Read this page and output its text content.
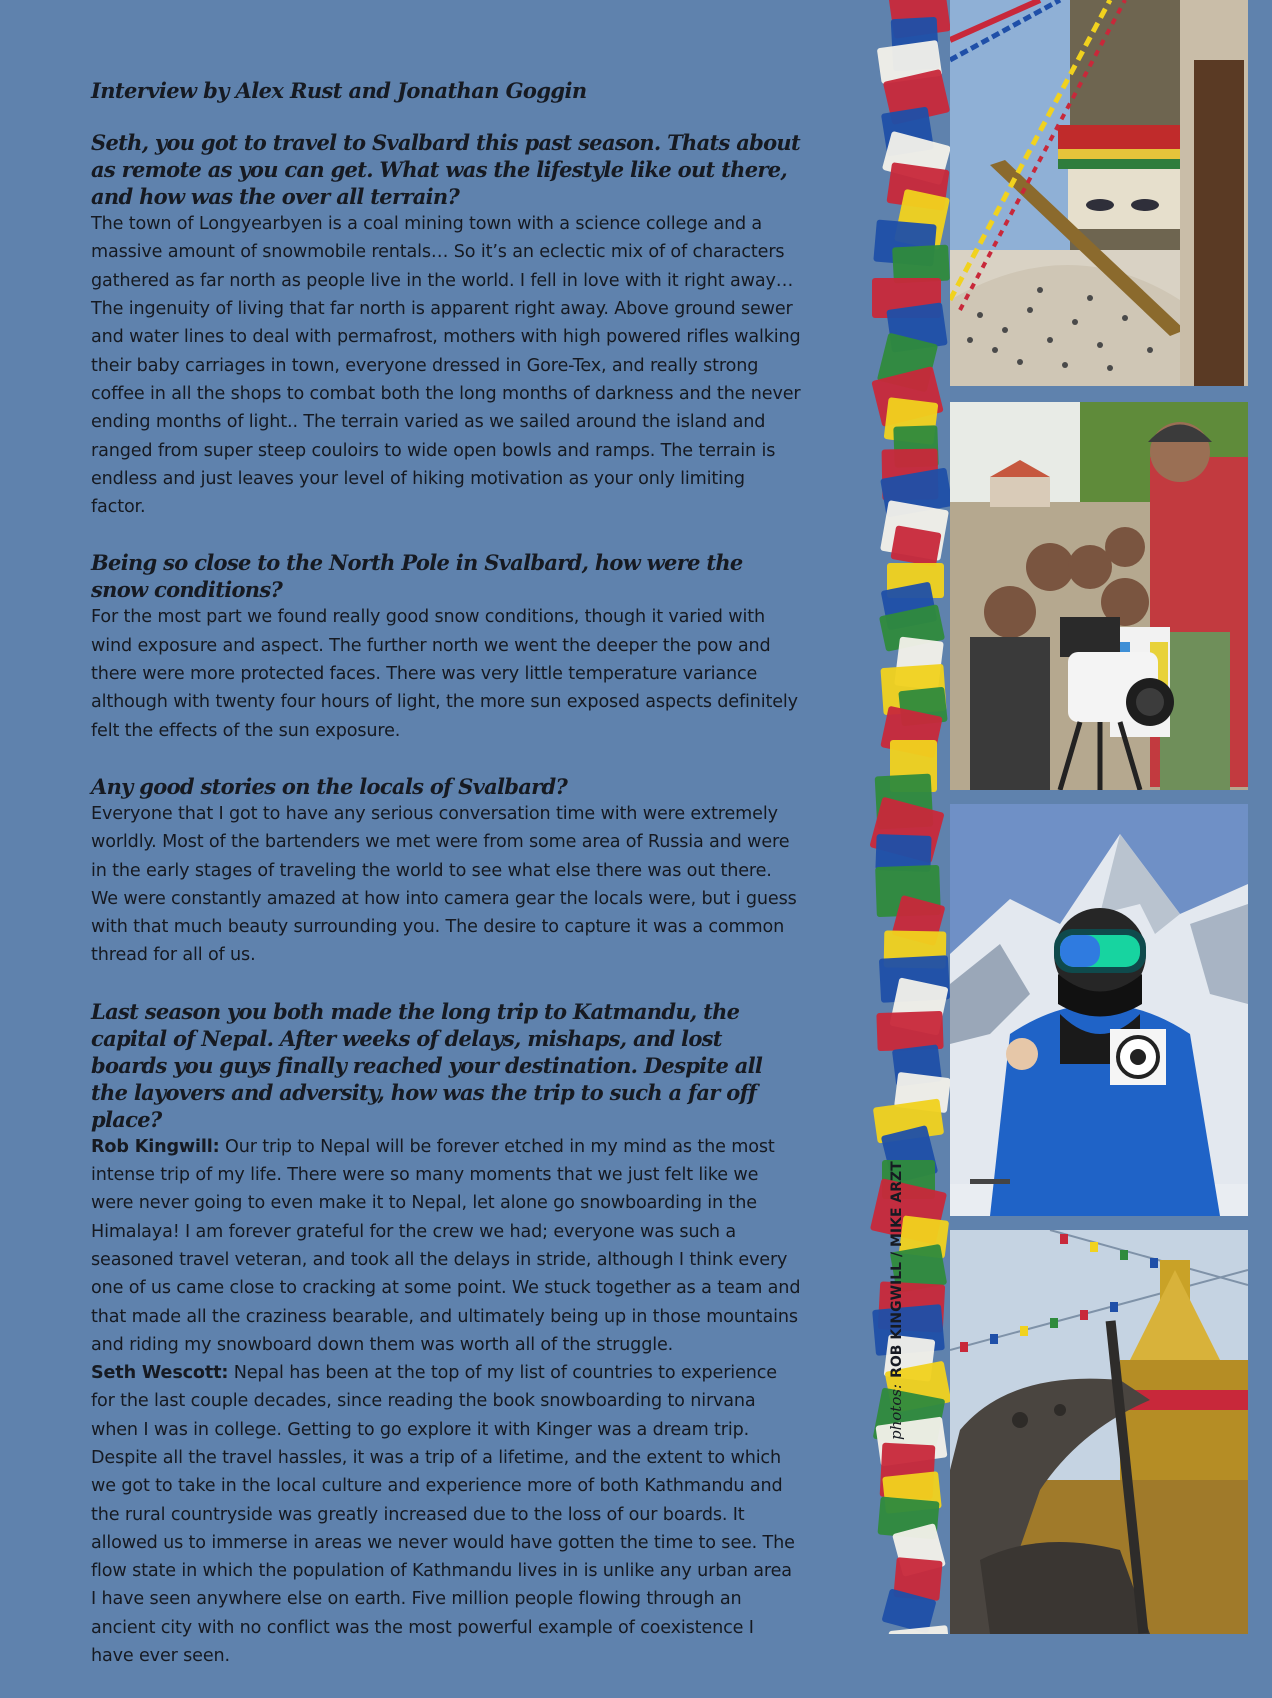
Interview by Alex Rust and Jonathan Goggin

Seth, you got to travel to Svalbard this past season. Thats about as remote as you can get. What was the lifestyle like out there, and how was the over all terrain?

The town of Longyearbyen is a coal mining town with a science college and a massive amount of snowmobile rentals… So it’s an eclectic mix of of characters gathered as far north as people live in the world. I fell in love with it right away… The ingenuity of living that far north is apparent right away. Above ground sewer and water lines to deal with permafrost, mothers with high powered rifles walking their baby carriages in town, everyone dressed in Gore-Tex, and really strong coffee in all the shops to combat both the long months of darkness and the never ending months of light.. The terrain varied as we sailed around the island and ranged from super steep couloirs to wide open bowls and ramps. The terrain is endless and just leaves your level of hiking motivation as your only limiting factor.

Being so close to the North Pole in Svalbard, how were the snow conditions?

For the most part we found really good snow conditions, though it varied with wind exposure and aspect. The further north we went the deeper the pow and there were more protected faces. There was very little temperature variance although with twenty four hours of light, the more sun exposed aspects definitely felt the effects of the sun exposure.

Any good stories on the locals of Svalbard?

Everyone that I got to have any serious conversation time with were extremely worldly. Most of the bartenders we met were from some area of Russia and were in the early stages of traveling the world to see what else there was out there. We were constantly amazed at how into camera gear the locals were, but i guess with that much beauty surrounding you. The desire to capture it was a common thread for all of us.

Last season you both made the long trip to Katmandu, the capital of Nepal. After weeks of delays, mishaps, and lost boards you guys finally reached your destination. Despite all the layovers and adversity, how was the trip to such a far off place?

Rob Kingwill: Our trip to Nepal will be forever etched in my mind as the most intense trip of my life. There were so many moments that we just felt like we were never going to even make it to Nepal, let alone go snowboarding in the Himalaya! I am forever grateful for the crew we had; everyone was such a seasoned travel veteran, and took all the delays in stride, although I think every one of us came close to cracking at some point. We stuck together as a team and that made all the craziness bearable, and ultimately being up in those mountains and riding my snowboard down them was worth all of the struggle.

Seth Wescott: Nepal has been at the top of my list of countries to experience for the last couple decades, since reading the book snowboarding to nirvana when I was in college. Getting to go explore it with Kinger was a dream trip. Despite all the travel hassles, it was a trip of a lifetime, and the extent to which we got to take in the local culture and experience more of both Kathmandu and the rural countryside was greatly increased due to the loss of our boards. It allowed us to immerse in areas we never would have gotten the time to see. The flow state in which the population of Kathmandu lives in is unlike any urban area I have seen anywhere else on earth. Five million people flowing through an ancient city with no conflict was the most powerful example of coexistence I have ever seen.

photos:ROB KINGWILL / MIKE ARZT
